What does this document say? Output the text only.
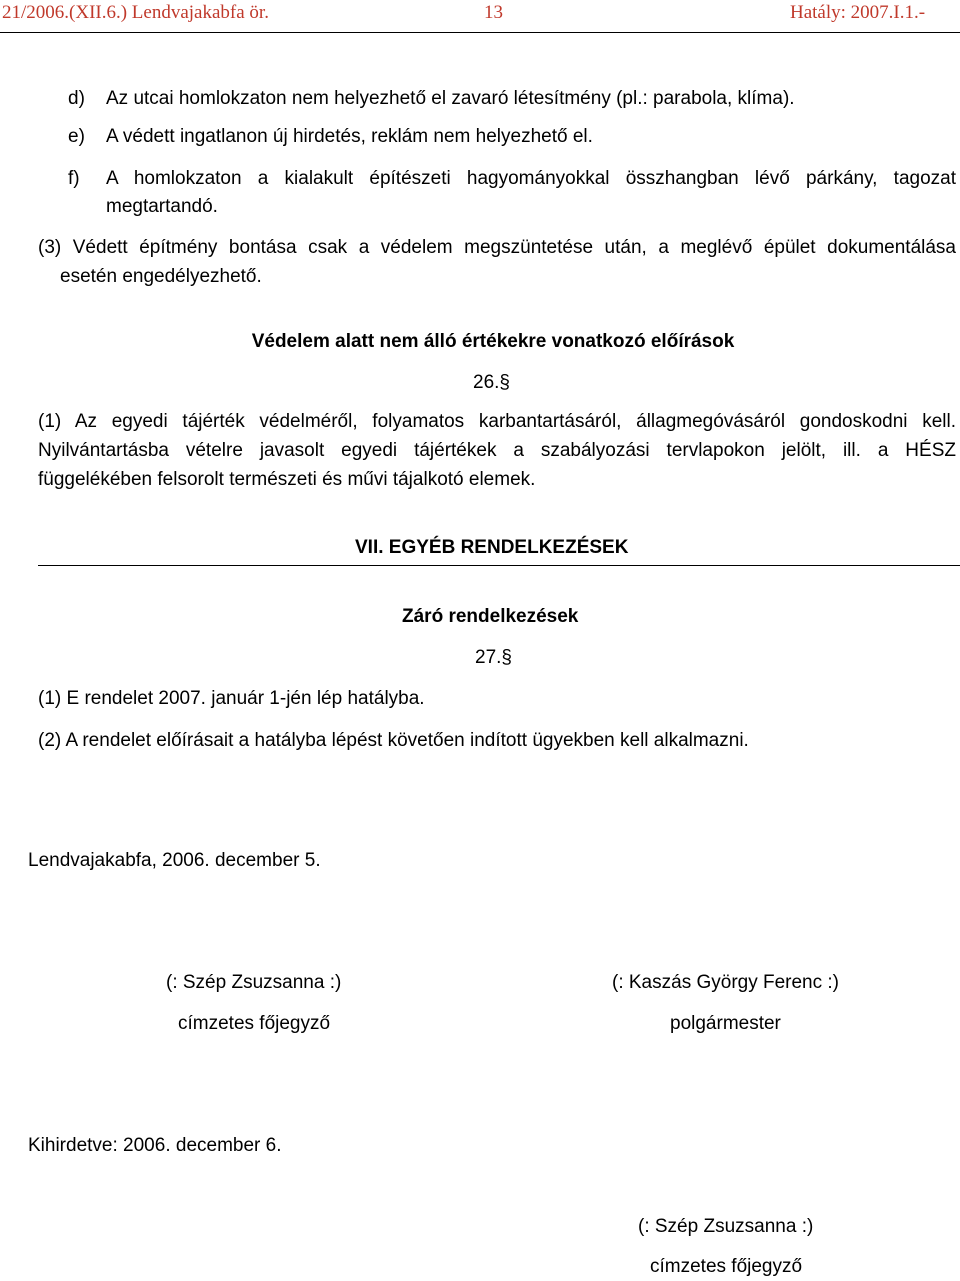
21/2006.(XII.6.) Lendvajakabfa ör.	13	Hatály: 2007.I.1.-
d) Az utcai homlokzaton nem helyezhető el zavaró létesítmény (pl.: parabola, klíma).
e) A védett ingatlanon új hirdetés, reklám nem helyezhető el.
f) A homlokzaton a kialakult építészeti hagyományokkal összhangban lévő párkány, tagozat
megtartandó.
(3) Védett építmény bontása csak a védelem megszüntetése után, a meglévő épület dokumentálása
esetén engedélyezhető.
Védelem alatt nem álló értékekre vonatkozó előírások
26.§
(1) Az egyedi tájérték védelméről, folyamatos karbantartásáról, állagmegóvásáról gondoskodni kell.
Nyilvántartásba vételre javasolt egyedi tájértékek a szabályozási tervlapokon jelölt, ill. a HÉSZ
függelékében felsorolt természeti és művi tájalkotó elemek.
VII. EGYÉB RENDELKEZÉSEK
Záró rendelkezések
27.§
(1) E rendelet 2007. január 1-jén lép hatályba.
(2) A rendelet előírásait a hatályba lépést követően indított ügyekben kell alkalmazni.
Lendvajakabfa, 2006. december 5.
(: Szép Zsuzsanna :)
címzetes főjegyző
(: Kaszás György Ferenc :)
polgármester
Kihirdetve: 2006. december 6.
(: Szép Zsuzsanna :)
címzetes főjegyző
